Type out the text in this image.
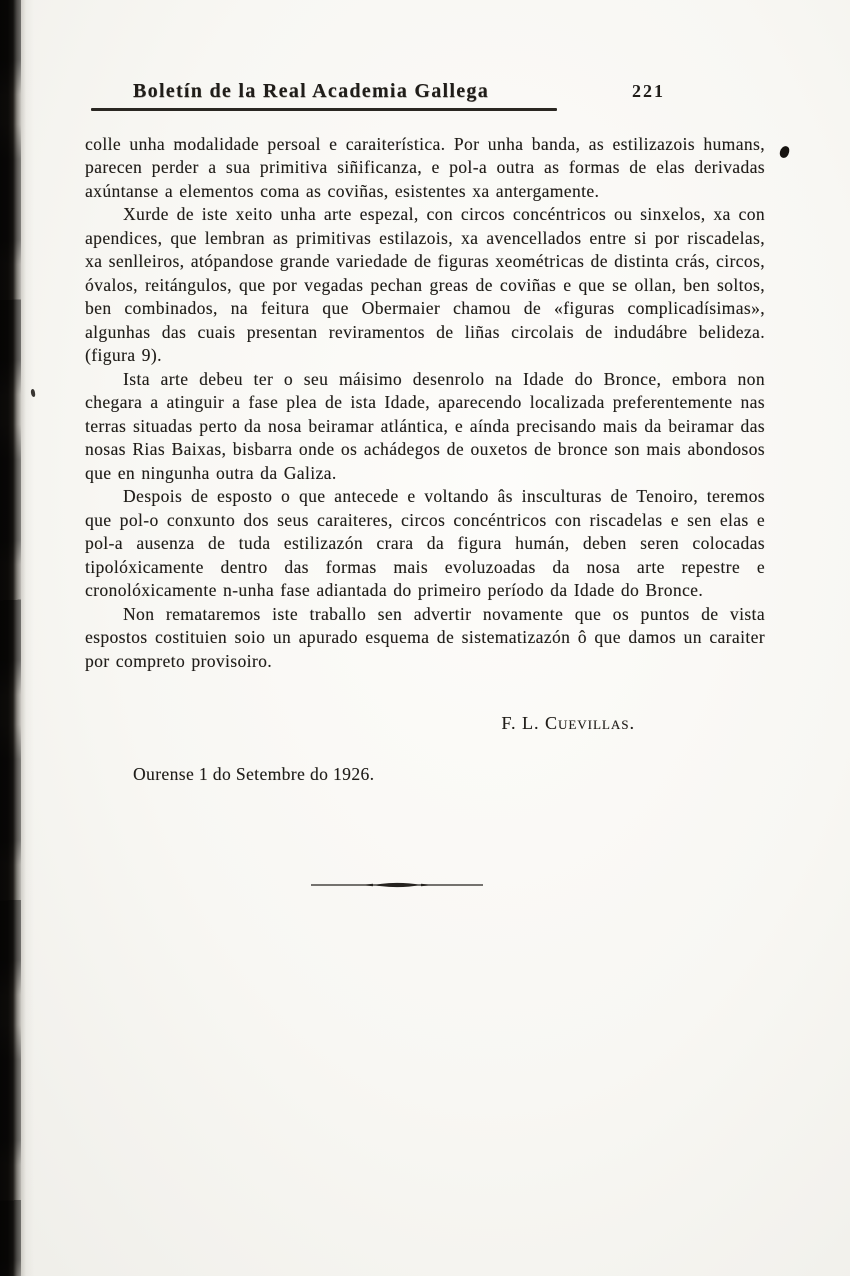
Boletín de la Real Academia Gallega	221

colle unha modalidade persoal e caraiterística. Por unha banda, as estilizazois humans, parecen perder a sua primitiva siñificanza, e pol-a outra as formas de elas derivadas axúntanse a elementos coma as coviñas, esistentes xa antergamente.

Xurde de iste xeito unha arte espezal, con circos concéntricos ou sinxelos, xa con apendices, que lembran as primitivas estilazois, xa avencellados entre si por riscadelas, xa senlleiros, atópandose grande variedade de figuras xeométricas de distinta crás, circos, óvalos, reitángulos, que por vegadas pechan greas de coviñas e que se ollan, ben soltos, ben combinados, na feitura que Obermaier chamou de «figuras complicadísimas», algunhas das cuais presentan reviramentos de liñas circolais de indudábre belideza. (figura 9).

Ista arte debeu ter o seu máisimo desenrolo na Idade do Bronce, embora non chegara a atinguir a fase plea de ista Idade, aparecendo localizada preferentemente nas terras situadas perto da nosa beiramar atlántica, e aínda precisando mais da beiramar das nosas Rias Baixas, bisbarra onde os achádegos de ouxetos de bronce son mais abondosos que en ningunha outra da Galiza.

Despois de esposto o que antecede e voltando âs insculturas de Tenoiro, teremos que pol-o conxunto dos seus caraiteres, circos concéntricos con riscadelas e sen elas e pol-a ausenza de tuda estilizazón crara da figura humán, deben seren colocadas tipolóxicamente dentro das formas mais evoluzoadas da nosa arte repestre e cronolóxicamente n-unha fase adiantada do primeiro período da Idade do Bronce.

Non remataremos iste traballo sen advertir novamente que os puntos de vista espostos costituien soio un apurado esquema de sistematizazón ô que damos un caraiter por compreto provisoiro.

F. L. Cuevillas.
Ourense 1 do Setembre do 1926.
